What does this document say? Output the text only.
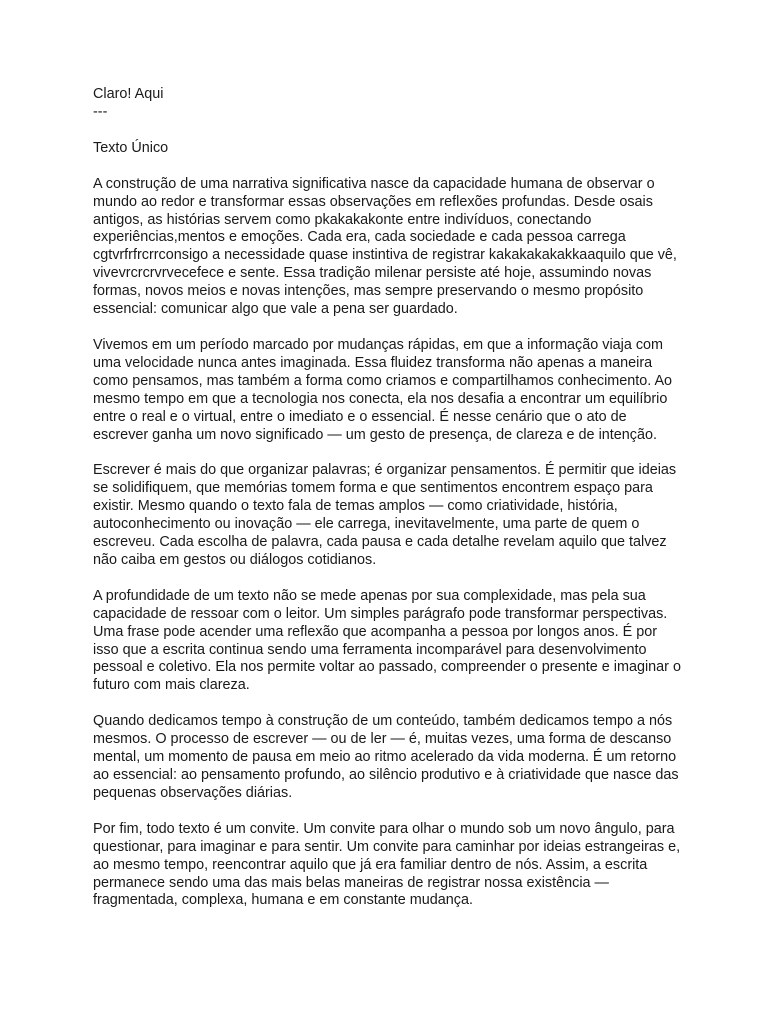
Claro! Aqui

---

Texto Único

A construção de uma narrativa significativa nasce da capacidade humana de observar o mundo ao redor e transformar essas observações em reflexões profundas. Desde osais antigos, as histórias servem como pkakakakonte entre indivíduos, conectando experiências,mentos e emoções. Cada era, cada sociedade e cada pessoa carrega cgtvrfrfrcrrconsigo a necessidade quase instintiva de registrar kakakakakakkaaquilo que vê, vivevrcrcrvrvecefece e sente. Essa tradição milenar persiste até hoje, assumindo novas formas, novos meios e novas intenções, mas sempre preservando o mesmo propósito essencial: comunicar algo que vale a pena ser guardado.

Vivemos em um período marcado por mudanças rápidas, em que a informação viaja com uma velocidade nunca antes imaginada. Essa fluidez transforma não apenas a maneira como pensamos, mas também a forma como criamos e compartilhamos conhecimento. Ao mesmo tempo em que a tecnologia nos conecta, ela nos desafia a encontrar um equilíbrio entre o real e o virtual, entre o imediato e o essencial. É nesse cenário que o ato de escrever ganha um novo significado — um gesto de presença, de clareza e de intenção.

Escrever é mais do que organizar palavras; é organizar pensamentos. É permitir que ideias se solidifiquem, que memórias tomem forma e que sentimentos encontrem espaço para existir. Mesmo quando o texto fala de temas amplos — como criatividade, história, autoconhecimento ou inovação — ele carrega, inevitavelmente, uma parte de quem o escreveu. Cada escolha de palavra, cada pausa e cada detalhe revelam aquilo que talvez não caiba em gestos ou diálogos cotidianos.

A profundidade de um texto não se mede apenas por sua complexidade, mas pela sua capacidade de ressoar com o leitor. Um simples parágrafo pode transformar perspectivas. Uma frase pode acender uma reflexão que acompanha a pessoa por longos anos. É por isso que a escrita continua sendo uma ferramenta incomparável para desenvolvimento pessoal e coletivo. Ela nos permite voltar ao passado, compreender o presente e imaginar o futuro com mais clareza.

Quando dedicamos tempo à construção de um conteúdo, também dedicamos tempo a nós mesmos. O processo de escrever — ou de ler — é, muitas vezes, uma forma de descanso mental, um momento de pausa em meio ao ritmo acelerado da vida moderna. É um retorno ao essencial: ao pensamento profundo, ao silêncio produtivo e à criatividade que nasce das pequenas observações diárias.

Por fim, todo texto é um convite. Um convite para olhar o mundo sob um novo ângulo, para questionar, para imaginar e para sentir. Um convite para caminhar por ideias estrangeiras e, ao mesmo tempo, reencontrar aquilo que já era familiar dentro de nós. Assim, a escrita permanece sendo uma das mais belas maneiras de registrar nossa existência — fragmentada, complexa, humana e em constante mudança.
